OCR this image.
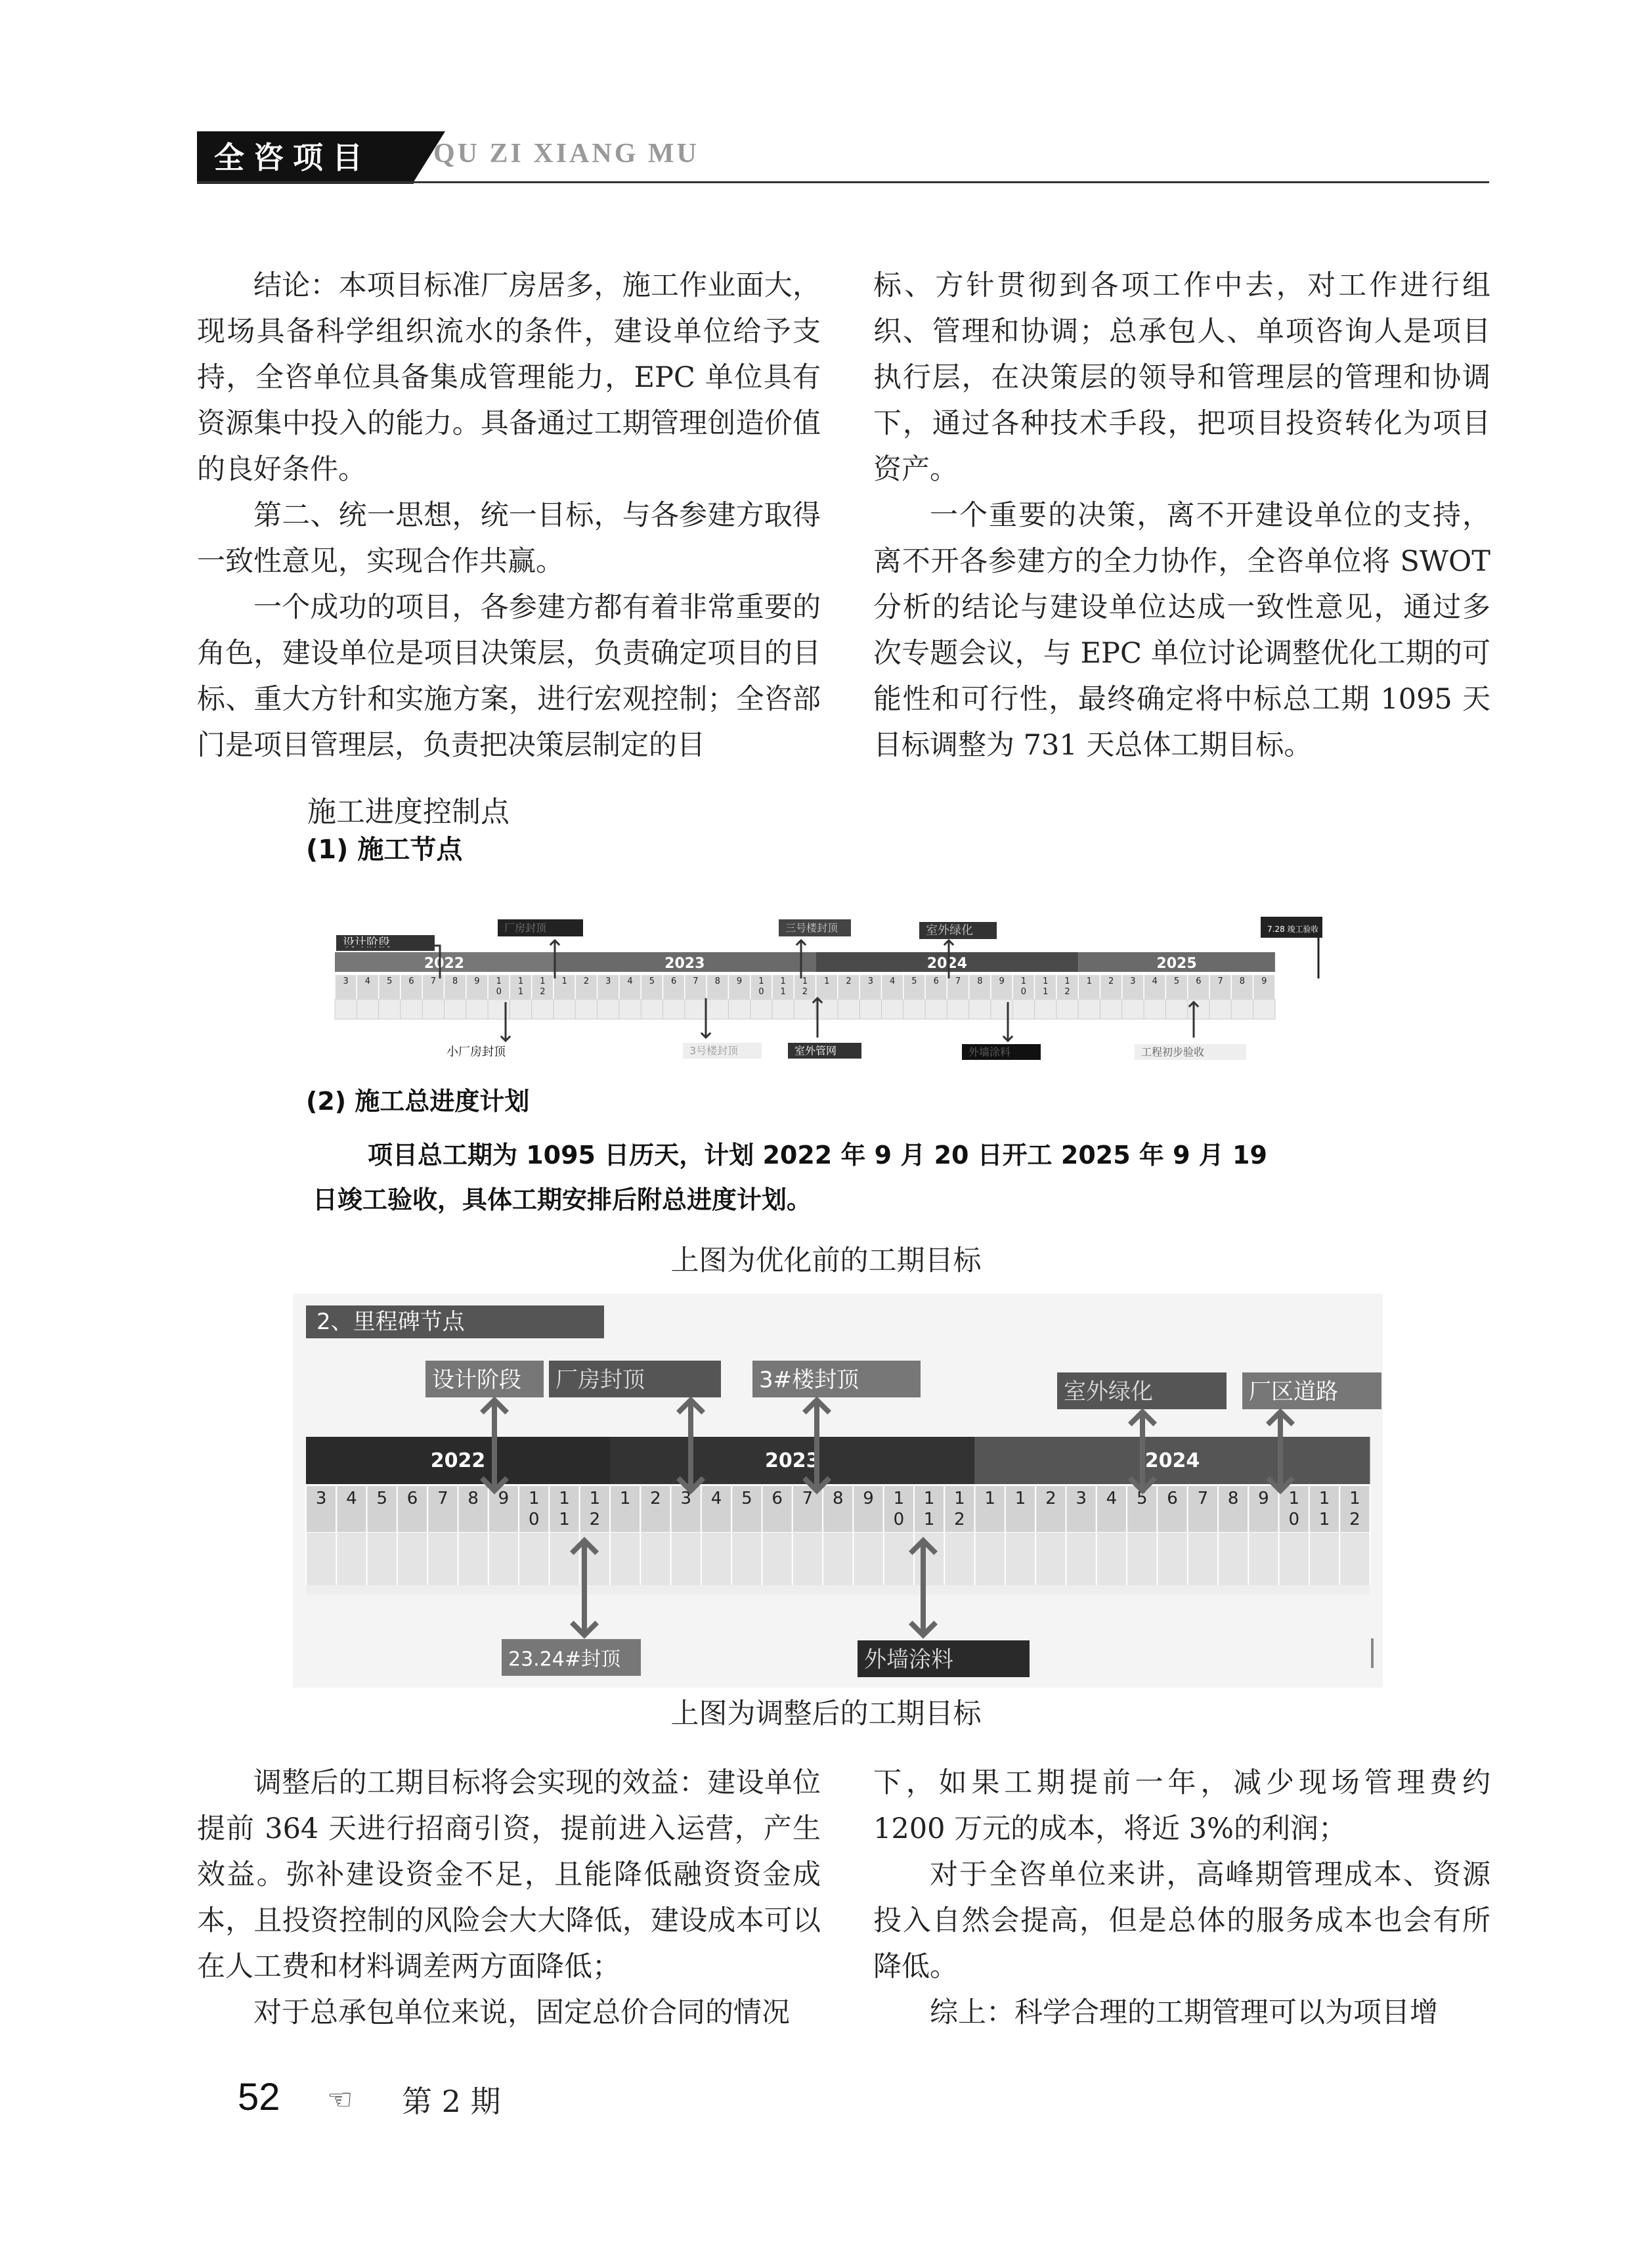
全咨项目	QU ZI XIANG MU

结论：本项目标准厂房居多，施工作业面大，现场具备科学组织流水的条件，建设单位给予支持，全咨单位具备集成管理能力，EPC 单位具有资源集中投入的能力。具备通过工期管理创造价值的良好条件。

第二、统一思想，统一目标，与各参建方取得一致性意见，实现合作共赢。

一个成功的项目，各参建方都有着非常重要的角色，建设单位是项目决策层，负责确定项目的目标、重大方针和实施方案，进行宏观控制；全咨部门是项目管理层，负责把决策层制定的目

标、方针贯彻到各项工作中去，对工作进行组织、管理和协调；总承包人、单项咨询人是项目执行层，在决策层的领导和管理层的管理和协调下，通过各种技术手段，把项目投资转化为项目资产。

一个重要的决策，离不开建设单位的支持，离不开各参建方的全力协作，全咨单位将 SWOT 分析的结论与建设单位达成一致性意见，通过多次专题会议，与 EPC 单位讨论调整优化工期的可能性和可行性，最终确定将中标总工期 1095 天目标调整为 731 天总体工期目标。

施工进度控制点
(1) 施工节点
2022	2023	2024	2025
3 4 5 6 7 8 9 1
0
1
1
1
2
1 2 3 4 5 6 7 8 9 1
0
1
1
1
2
1 2 3 4 5 6 7 8 9 1
0
1
1
1
2
1 2 3 4 5 6 7 8 9
设计阶段
厂房封顶	三号楼封顶	室外绿化	7.28 竣工验收
小厂房封顶	3号楼封顶	室外管网	外墙涂料	工程初步验收
(2) 施工总进度计划
项目总工期为 1095 日历天，计划 2022 年 9 月 20 日开工 2025 年 9 月 19
日竣工验收，具体工期安排后附总进度计划。
上图为优化前的工期目标
2、里程碑节点
2022	2023	2024
3 4 5 6 7 8 9 1
0
1
1
1
2
1 2 3 4 5 6 7 8 9 1
0
1
1
1
2
1 1 2 3 4 5 6 7 8 9 1
0
1
1
1
2
设计阶段 厂房封顶	3#楼封顶	室外绿化	厂区道路
23.24#封顶	外墙涂料
上图为调整后的工期目标

调整后的工期目标将会实现的效益：建设单位提前 364 天进行招商引资，提前进入运营，产生效益。弥补建设资金不足，且能降低融资资金成本，且投资控制的风险会大大降低，建设成本可以在人工费和材料调差两方面降低；

对于总承包单位来说，固定总价合同的情况

下，如果工期提前一年，减少现场管理费约 1200 万元的成本，将近 3%的利润；

对于全咨单位来讲，高峰期管理成本、资源投入自然会提高，但是总体的服务成本也会有所降低。

综上：科学合理的工期管理可以为项目增

52 ☜ 第 2 期
